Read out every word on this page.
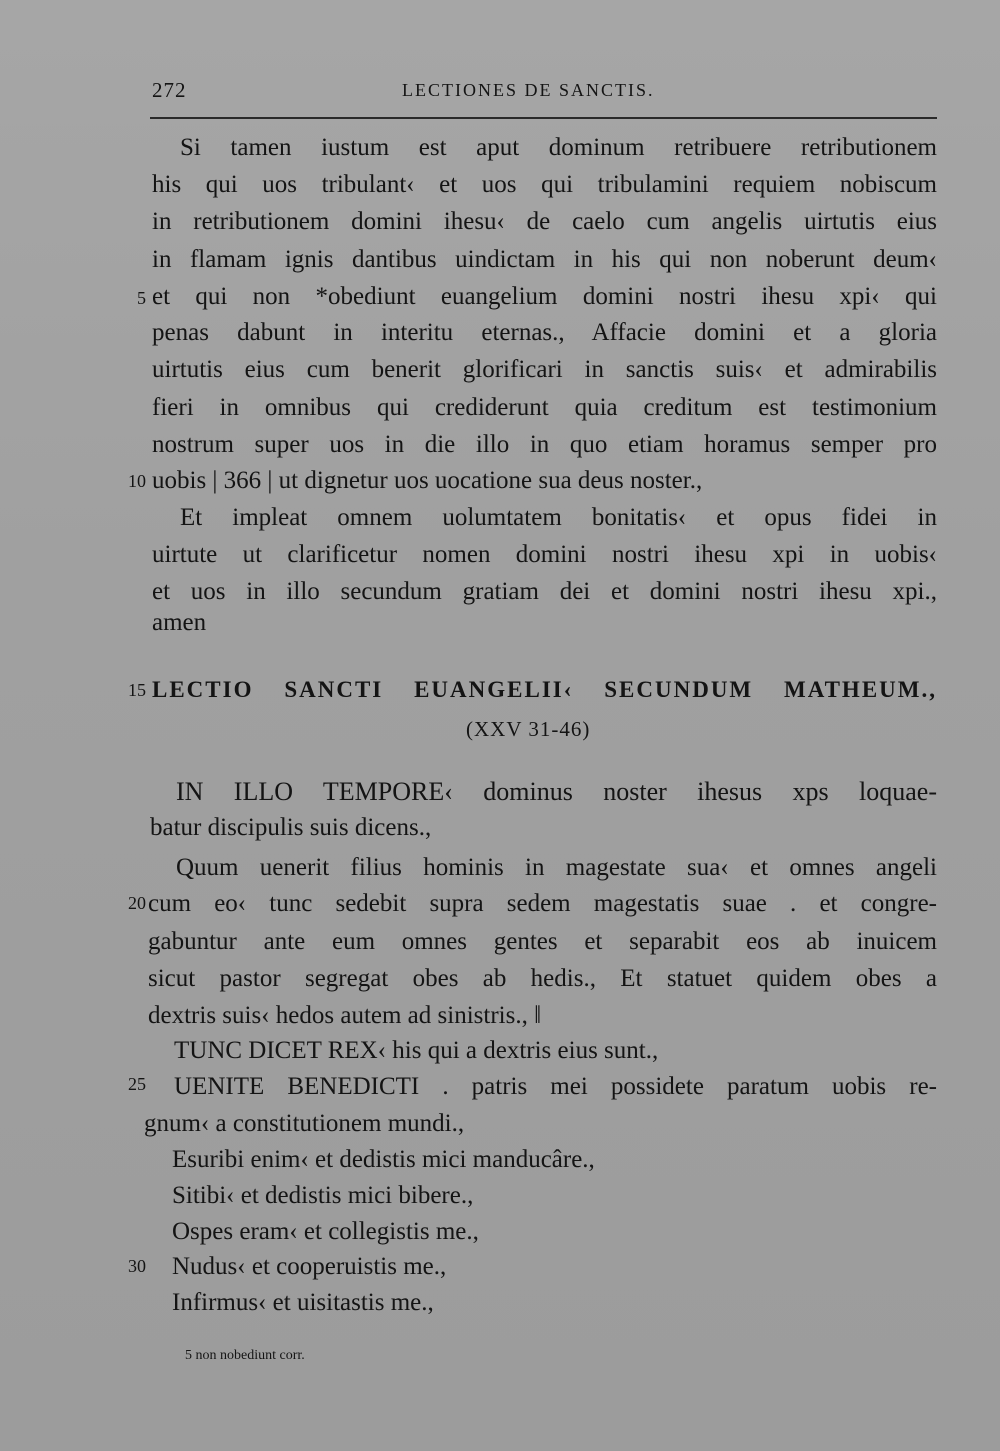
272	LECTIONES DE SANCTIS.
Si tamen iustum est aput dominum retribuere retributionem
his qui uos tribulant‹ et uos qui tribulamini requiem nobiscum
in retributionem domini ihesu‹ de caelo cum angelis uirtutis eius
in flamam ignis dantibus uindictam in his qui non noberunt deum‹
5 et qui non *obediunt euangelium domini nostri ihesu xpi‹ qui
penas dabunt in interitu eternas., Affacie domini et a gloria
uirtutis eius cum benerit glorificari in sanctis suis‹ et admirabilis
fieri in omnibus qui crediderunt quia creditum est testimonium
nostrum super uos in die illo in quo etiam horamus semper pro
10 uobis | 366 | ut dignetur uos uocatione sua deus noster.,
Et impleat omnem uolumtatem bonitatis‹ et opus fidei in
uirtute ut clarificetur nomen domini nostri ihesu xpi in uobis‹
et uos in illo secundum gratiam dei et domini nostri ihesu xpi.,
amen
15 LECTIO SANCTI EUANGELII‹ SECUNDUM MATHEUM.,
(XXV 31-46)
IN ILLO TEMPORE‹ dominus noster ihesus xps loquae-
batur discipulis suis dicens.,
Quum uenerit filius hominis in magestate sua‹ et omnes angeli
20 cum eo‹ tunc sedebit supra sedem magestatis suae . et congre-
gabuntur ante eum omnes gentes et separabit eos ab inuicem
sicut pastor segregat obes ab hedis., Et statuet quidem obes a
dextris suis‹ hedos autem ad sinistris., ‖
TUNC DICET REX‹ his qui a dextris eius sunt.,
25 UENITE BENEDICTI . patris mei possidete paratum uobis re-
gnum‹ a constitutionem mundi.,
Esuribi enim‹ et dedistis mici manducâre.,
Sitibi‹ et dedistis mici bibere.,
Ospes eram‹ et collegistis me.,
30 Nudus‹ et cooperuistis me.,
Infirmus‹ et uisitastis me.,
5 non nobediunt corr.
